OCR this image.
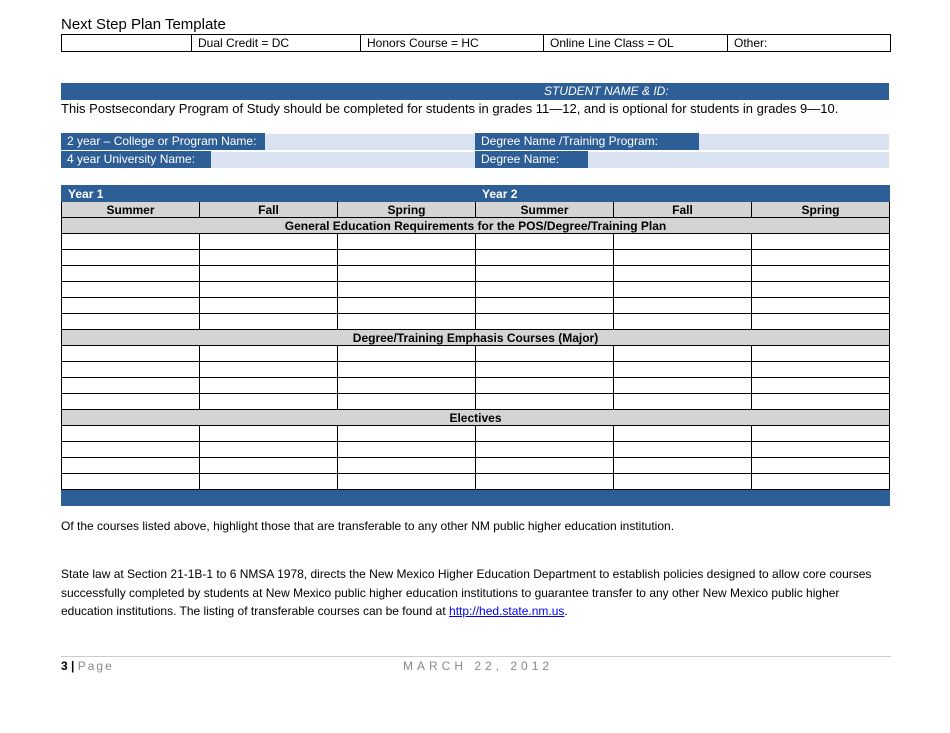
Next Step Plan Template
Dual Credit = DC	Honors Course = HC	Online Line Class = OL	Other:
STUDENT NAME & ID:
This Postsecondary Program of Study should be completed for students in grades 11—12, and is optional for students in grades 9—10.
2 year – College or Program Name:	Degree Name /Training Program:
4 year University Name:	Degree Name:
Year 1			Year 2		
Summer	Fall	Spring	Summer	Fall	Spring
General Education Requirements for the POS/Degree/Training Plan					

Degree/Training Emphasis Courses (Major)					

Electives					

Of the courses listed above, highlight those that are transferable to any other NM public higher education institution.
State law at Section 21-1B-1 to 6 NMSA 1978, directs the New Mexico Higher Education Department to establish policies designed to allow core courses successfully completed by students at New Mexico public higher education institutions to guarantee transfer to any other New Mexico public higher education institutions. The listing of transferable courses can be found at http://hed.state.nm.us.
3 | Page	MARCH 22, 2012
